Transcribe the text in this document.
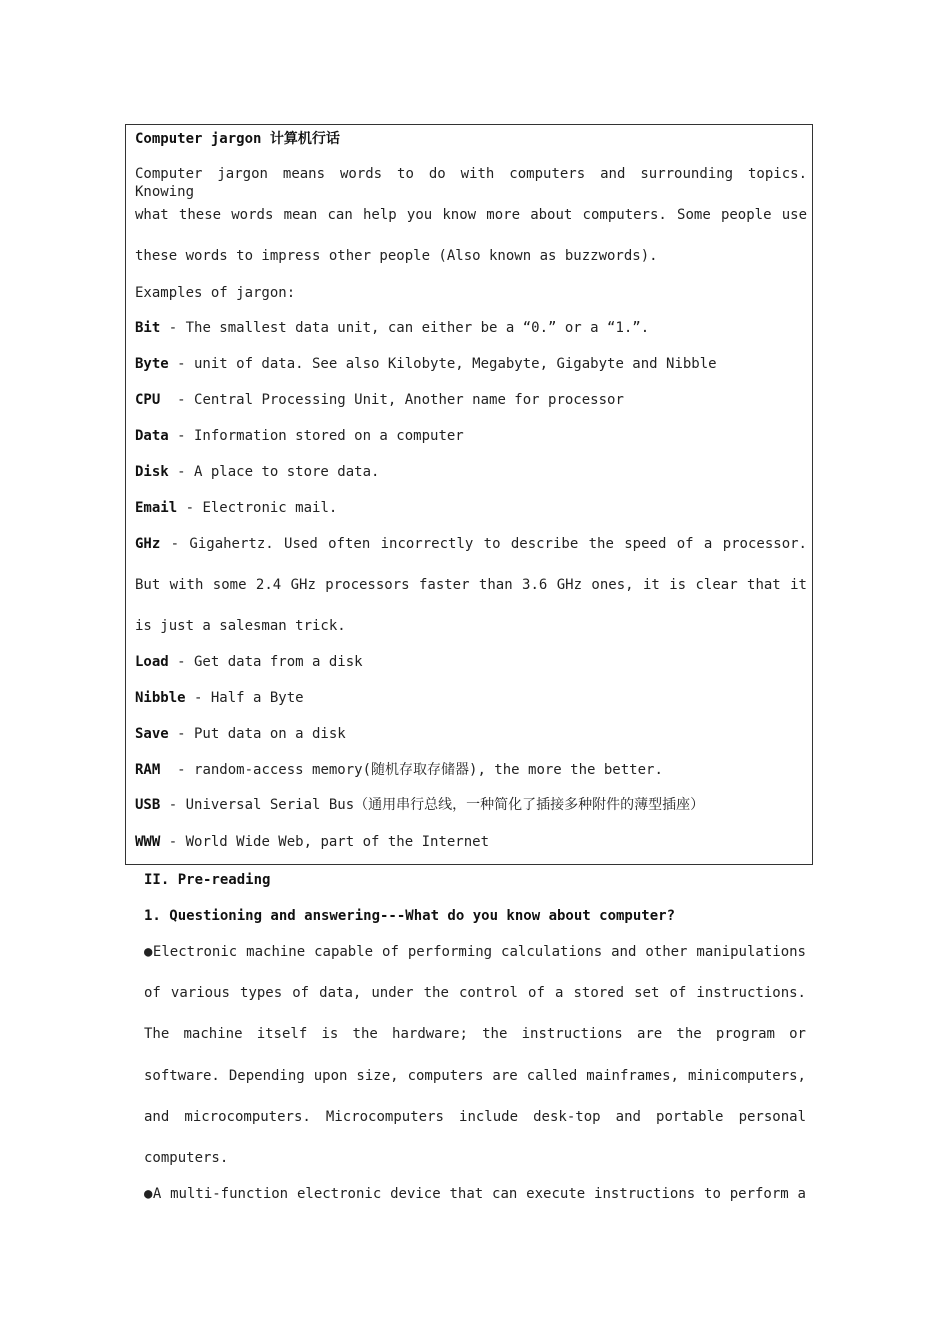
Computer jargon 计算机行话
Computer jargon means words to do with computers and surrounding topics. Knowing
what these words mean can help you know more about computers. Some people use
these words to impress other people (Also known as buzzwords).
Examples of jargon:
Bit - The smallest data unit, can either be a “0.” or a “1.”.
Byte - unit of data. See also Kilobyte, Megabyte, Gigabyte and Nibble
CPU  - Central Processing Unit, Another name for processor
Data - Information stored on a computer
Disk - A place to store data.
Email - Electronic mail.
GHz - Gigahertz. Used often incorrectly to describe the speed of a processor.
But with some 2.4 GHz processors faster than 3.6 GHz ones, it is clear that it
is just a salesman trick.
Load - Get data from a disk
Nibble - Half a Byte
Save - Put data on a disk
RAM  - random-access memory(随机存取存储器), the more the better.
USB - Universal Serial Bus（通用串行总线，一种简化了插接多种附件的薄型插座）
WWW - World Wide Web, part of the Internet
II. Pre-reading
1. Questioning and answering---What do you know about computer?
●Electronic machine capable of performing calculations and other manipulations
of various types of data, under the control of a stored set of instructions.
The machine itself is the hardware; the instructions are the program or
software. Depending upon size, computers are called mainframes, minicomputers,
and microcomputers. Microcomputers include desk-top and portable personal
computers.
●A multi-function electronic device that can execute instructions to perform a
